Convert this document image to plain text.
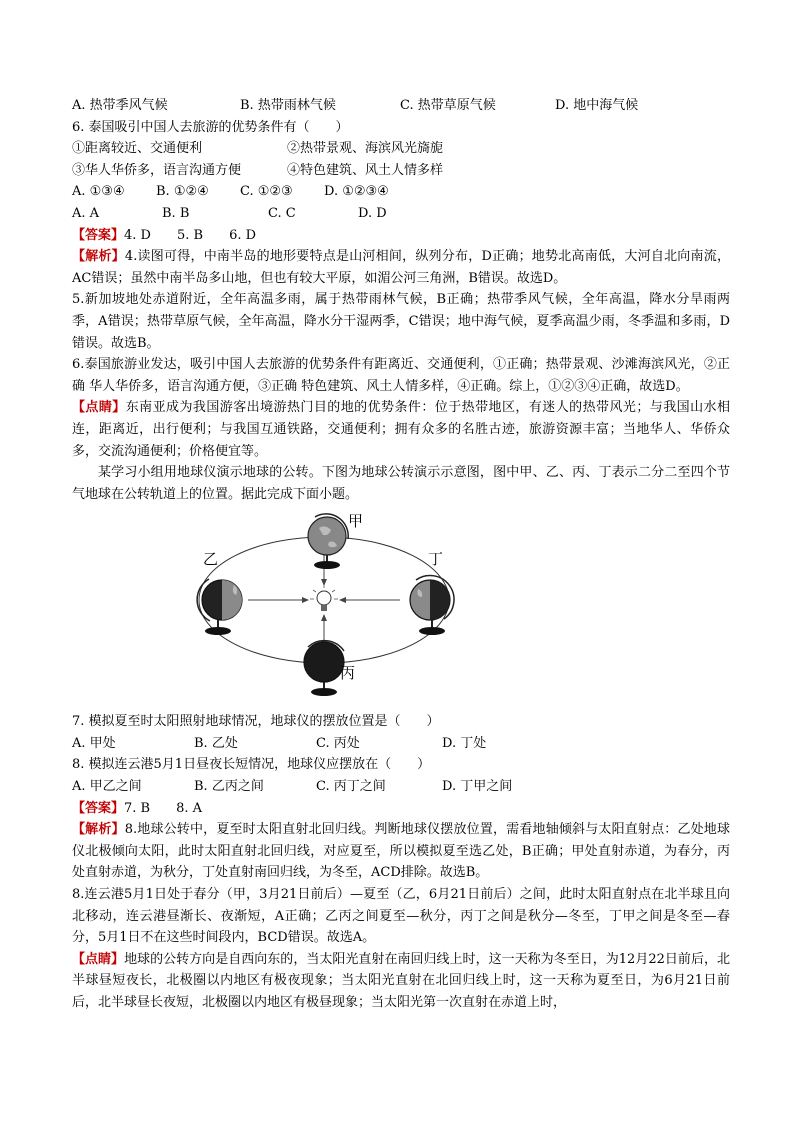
A. 热带季风气候	B. 热带雨林气候	C. 热带草原气候	D. 地中海气候
6. 泰国吸引中国人去旅游的优势条件有（　　）
①距离较近、交通便利	②热带景观、海滨风光旖旎
③华人华侨多，语言沟通方便	④特色建筑、风土人情多样
A. ①③④	B. ①②④	C. ①②③	D. ①②③④
A. A	B. B	C. C	D. D
【答案】4. D　　5. B　　6. D
【解析】4.读图可得，中南半岛的地形要特点是山河相间，纵列分布，D正确；地势北高南低，大河自北向南流，AC错误；虽然中南半岛多山地，但也有较大平原，如湄公河三角洲，B错误。故选D。
5.新加坡地处赤道附近，全年高温多雨，属于热带雨林气候，B正确；热带季风气候，全年高温，降水分旱雨两季，A错误；热带草原气候，全年高温，降水分干湿两季，C错误；地中海气候，夏季高温少雨，冬季温和多雨，D错误。故选B。
6.泰国旅游业发达，吸引中国人去旅游的优势条件有距离近、交通便利，①正确；热带景观、沙滩海滨风光，②正确 华人华侨多，语言沟通方便，③正确 特色建筑、风土人情多样，④正确。综上，①②③④正确，故选D。
【点睛】东南亚成为我国游客出境游热门目的地的优势条件：位于热带地区，有迷人的热带风光；与我国山水相连，距离近，出行便利；与我国互通铁路，交通便利；拥有众多的名胜古迹，旅游资源丰富；当地华人、华侨众多，交流沟通便利；价格便宜等。
某学习小组用地球仪演示地球的公转。下图为地球公转演示示意图，图中甲、乙、丙、丁表示二分二至四个节气地球在公转轨道上的位置。据此完成下面小题。
甲
乙	丁
丙
7. 模拟夏至时太阳照射地球情况，地球仪的摆放位置是（　　）
A. 甲处	B. 乙处	C. 丙处	D. 丁处
8. 模拟连云港5月1日昼夜长短情况，地球仪应摆放在（　　）
A. 甲乙之间	B. 乙丙之间	C. 丙丁之间	D. 丁甲之间
【答案】7. B　　8. A
【解析】8.地球公转中，夏至时太阳直射北回归线。判断地球仪摆放位置，需看地轴倾斜与太阳直射点：乙处地球仪北极倾向太阳，此时太阳直射北回归线，对应夏至，所以模拟夏至选乙处，B正确；甲处直射赤道，为春分，丙处直射赤道，为秋分，丁处直射南回归线，为冬至，ACD排除。故选B。
8.连云港5月1日处于春分（甲，3月21日前后）—夏至（乙，6月21日前后）之间，此时太阳直射点在北半球且向北移动，连云港昼渐长、夜渐短，A正确；乙丙之间夏至—秋分，丙丁之间是秋分—冬至，丁甲之间是冬至—春分，5月1日不在这些时间段内，BCD错误。故选A。
【点睛】地球的公转方向是自西向东的，当太阳光直射在南回归线上时，这一天称为冬至日，为12月22日前后，北半球昼短夜长，北极圈以内地区有极夜现象；当太阳光直射在北回归线上时，这一天称为夏至日，为6月21日前后，北半球昼长夜短，北极圈以内地区有极昼现象；当太阳光第一次直射在赤道上时，
